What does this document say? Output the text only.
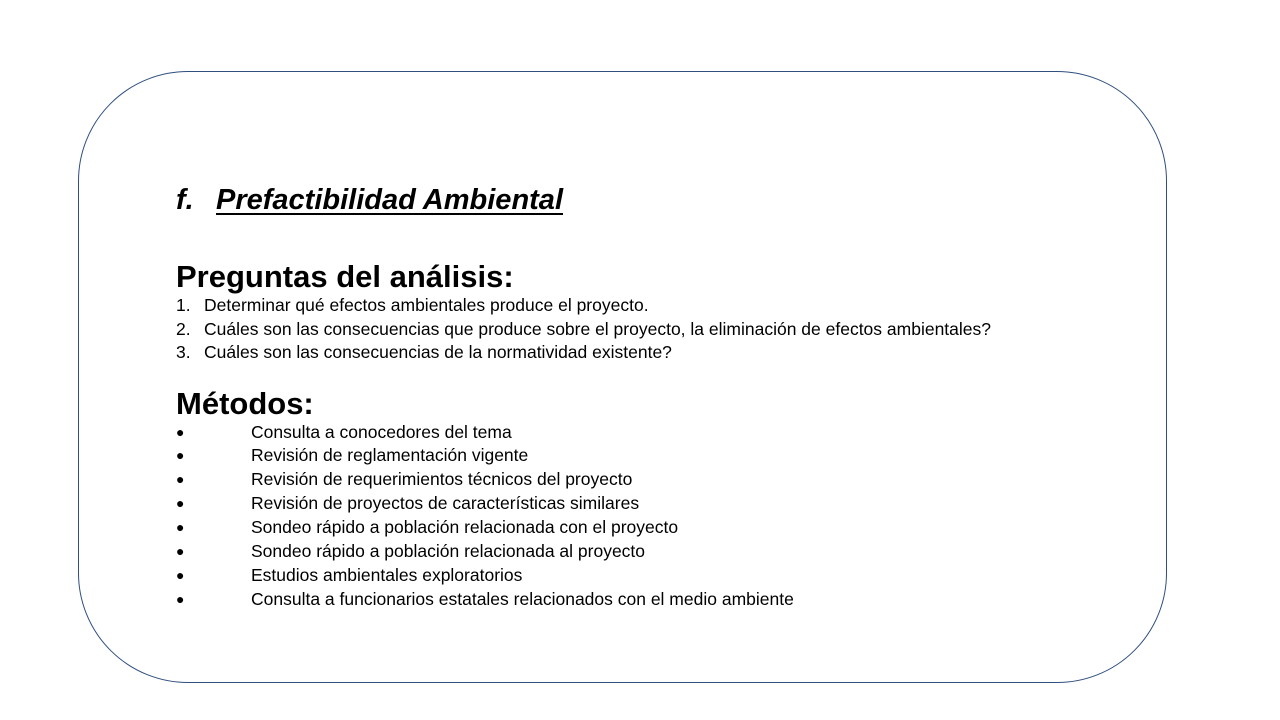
f. Prefactibilidad Ambiental
Preguntas del análisis:
1. Determinar qué efectos ambientales produce el proyecto.
2. Cuáles son las consecuencias que produce sobre el proyecto, la eliminación de efectos ambientales?
3. Cuáles son las consecuencias de la normatividad existente?
Métodos:
●	Consulta a conocedores del tema
●	Revisión de reglamentación vigente
●	Revisión de requerimientos técnicos del proyecto
●	Revisión de proyectos de características similares
●	Sondeo rápido a población relacionada con el proyecto
●	Sondeo rápido a población relacionada al proyecto
●	Estudios ambientales exploratorios
●	Consulta a funcionarios estatales relacionados con el medio ambiente
